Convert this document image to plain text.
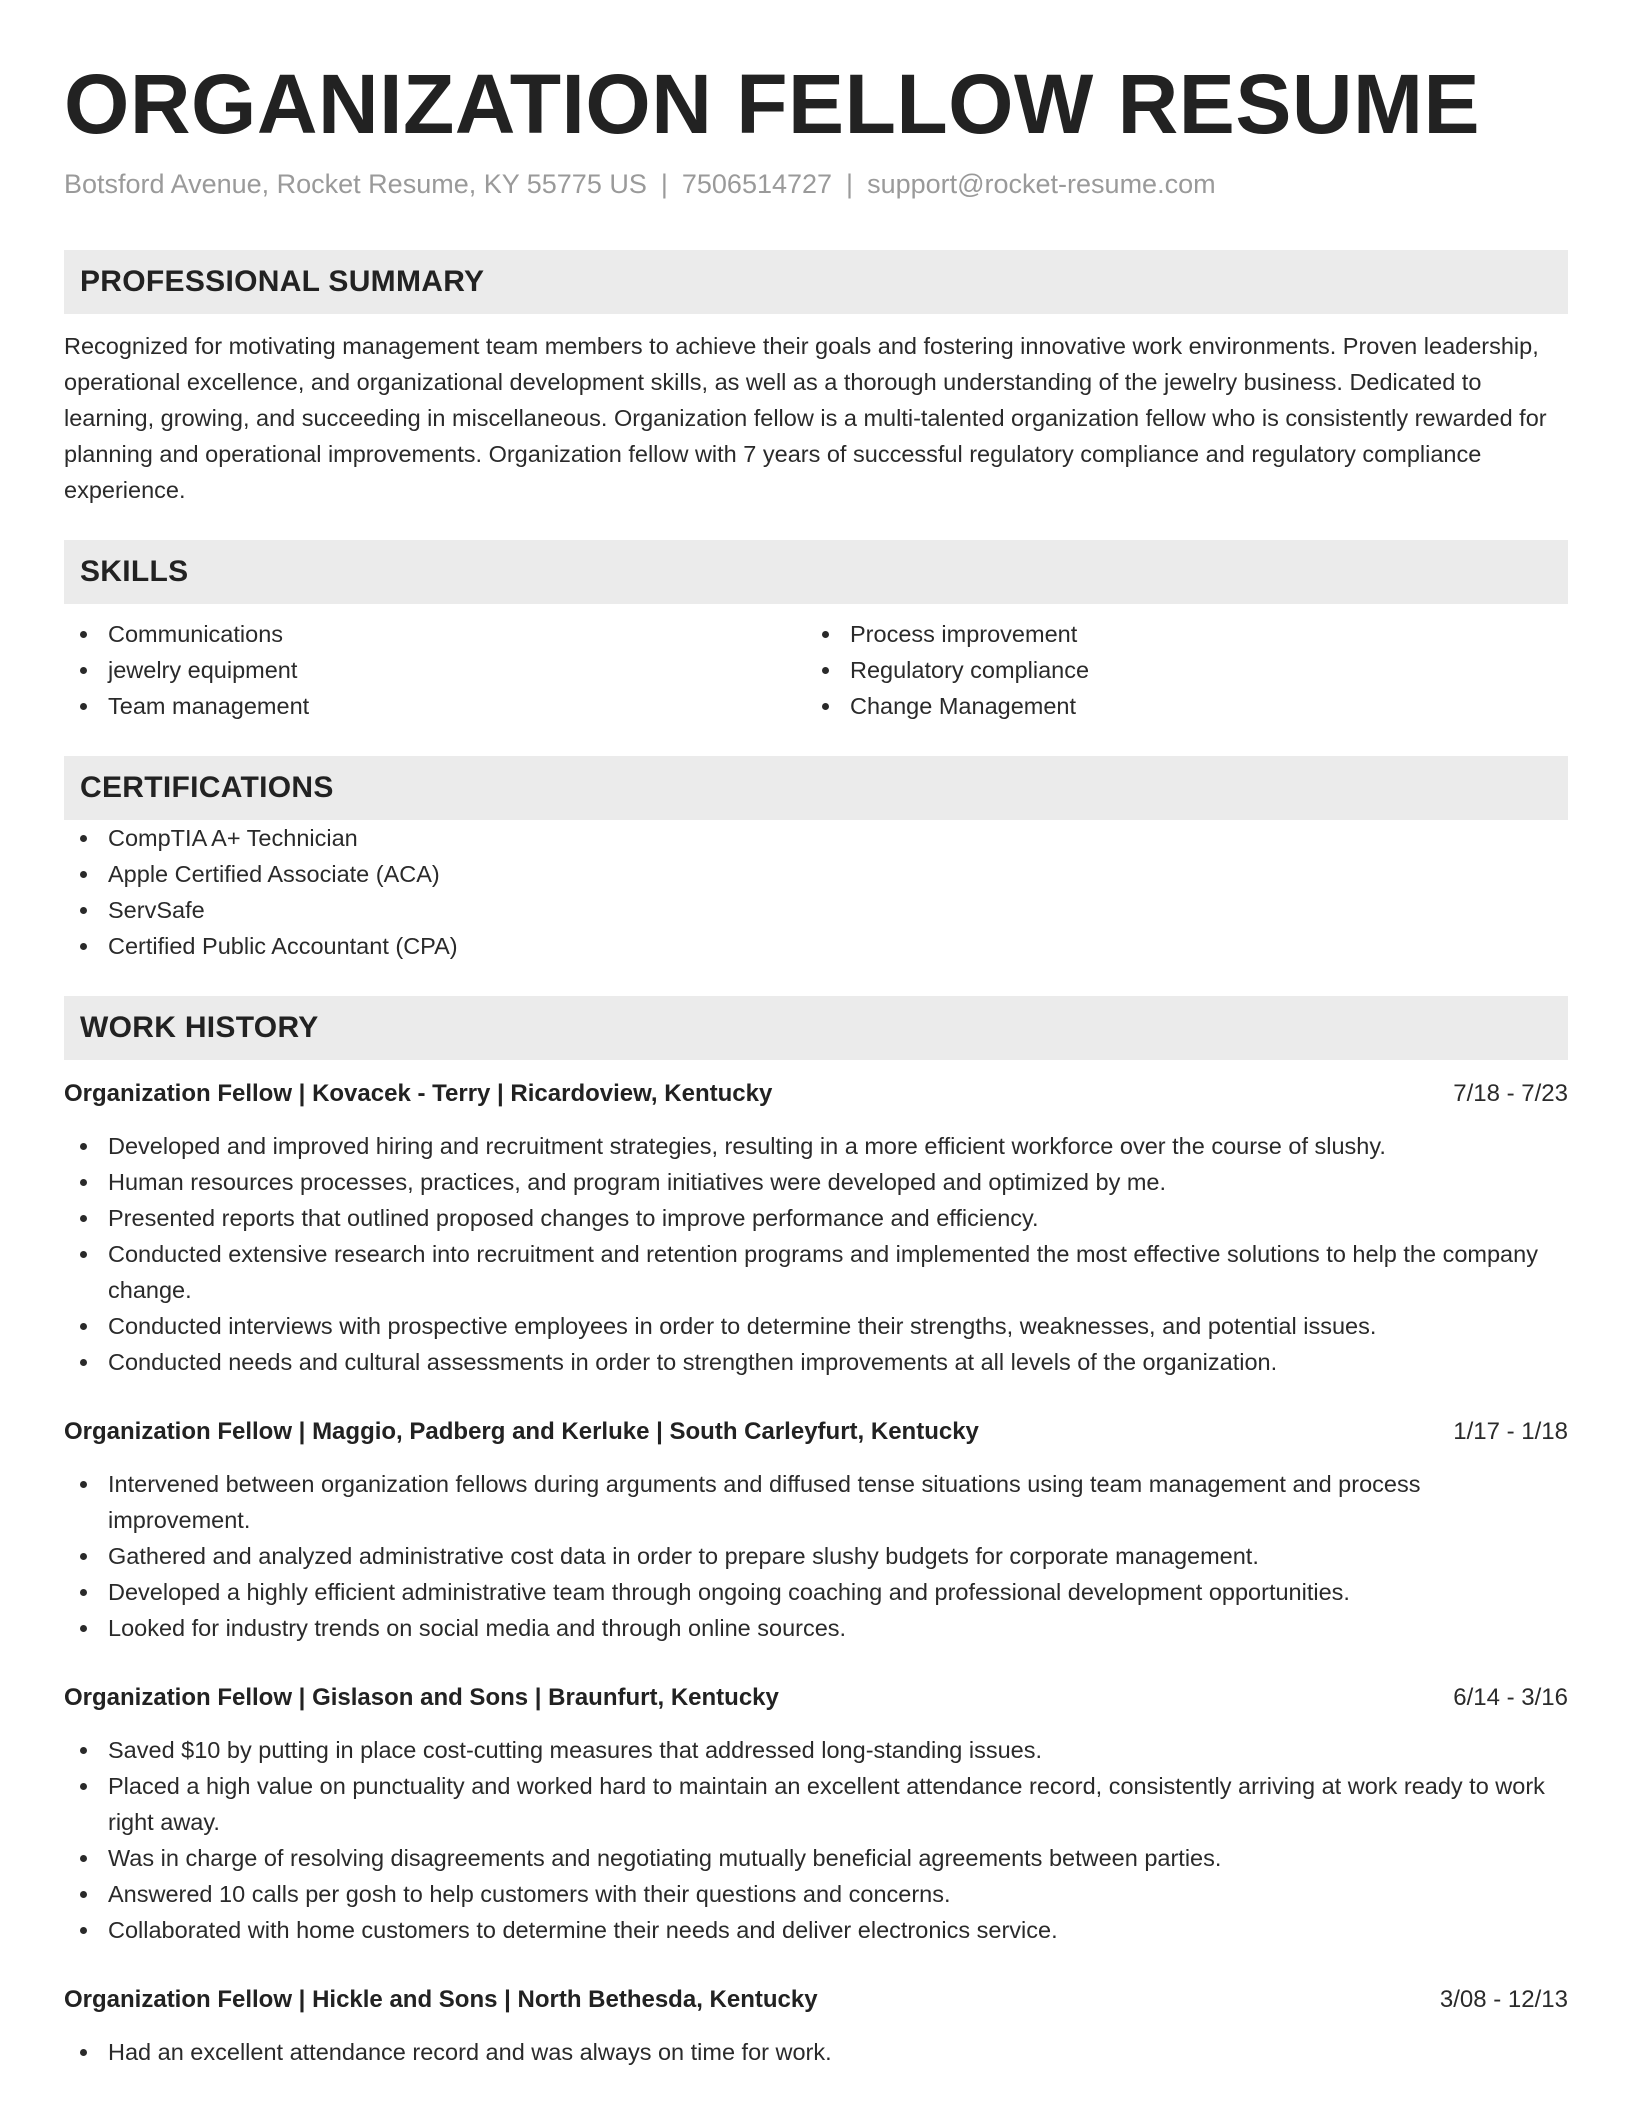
ORGANIZATION FELLOW RESUME
Botsford Avenue, Rocket Resume, KY 55775 US | 7506514727 | support@rocket-resume.com
PROFESSIONAL SUMMARY

Recognized for motivating management team members to achieve their goals and fostering innovative work environments. Proven leadership, operational excellence, and organizational development skills, as well as a thorough understanding of the jewelry business. Dedicated to learning, growing, and succeeding in miscellaneous. Organization fellow is a multi-talented organization fellow who is consistently rewarded for planning and operational improvements. Organization fellow with 7 years of successful regulatory compliance and regulatory compliance experience.

SKILLS
Communications
jewelry equipment
Team management
Process improvement
Regulatory compliance
Change Management
CERTIFICATIONS
CompTIA A+ Technician
Apple Certified Associate (ACA)
ServSafe
Certified Public Accountant (CPA)
WORK HISTORY
Organization Fellow | Kovacek - Terry | Ricardoview, Kentucky	7/18 - 7/23
Developed and improved hiring and recruitment strategies, resulting in a more efficient workforce over the course of slushy.
Human resources processes, practices, and program initiatives were developed and optimized by me.
Presented reports that outlined proposed changes to improve performance and efficiency.
Conducted extensive research into recruitment and retention programs and implemented the most effective solutions to help the company change.
Conducted interviews with prospective employees in order to determine their strengths, weaknesses, and potential issues.
Conducted needs and cultural assessments in order to strengthen improvements at all levels of the organization.
Organization Fellow | Maggio, Padberg and Kerluke | South Carleyfurt, Kentucky	1/17 - 1/18
Intervened between organization fellows during arguments and diffused tense situations using team management and process improvement.
Gathered and analyzed administrative cost data in order to prepare slushy budgets for corporate management.
Developed a highly efficient administrative team through ongoing coaching and professional development opportunities.
Looked for industry trends on social media and through online sources.
Organization Fellow | Gislason and Sons | Braunfurt, Kentucky	6/14 - 3/16
Saved $10 by putting in place cost-cutting measures that addressed long-standing issues.
Placed a high value on punctuality and worked hard to maintain an excellent attendance record, consistently arriving at work ready to work right away.
Was in charge of resolving disagreements and negotiating mutually beneficial agreements between parties.
Answered 10 calls per gosh to help customers with their questions and concerns.
Collaborated with home customers to determine their needs and deliver electronics service.
Organization Fellow | Hickle and Sons | North Bethesda, Kentucky	3/08 - 12/13
Had an excellent attendance record and was always on time for work.
